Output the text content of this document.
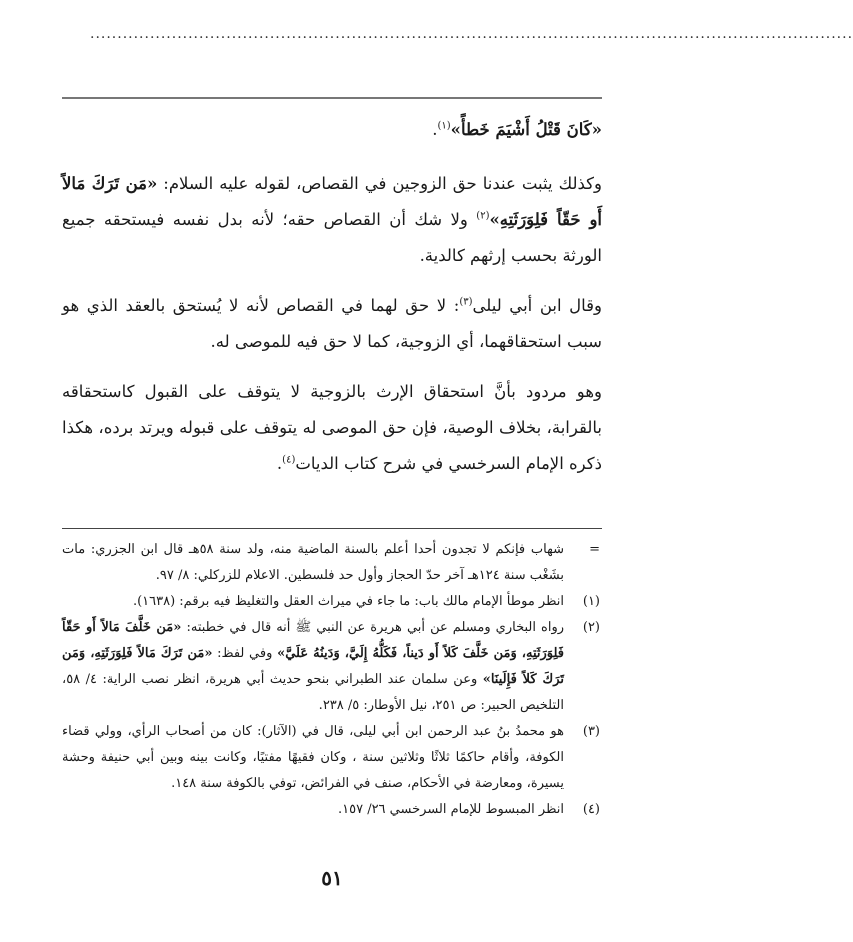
............................................................................................................................................

«كَانَ قَتْلُ أَشْيَمَ خَطأً»$^{(١)}$.

وكذلك يثبت عندنا حق الزوجين في القصاص، لقوله عليه السلام: «مَن تَرَكَ مَالاً أَو حَقّاً فَلِوَرَثَتِهِ»$^{(٢)}$ ولا شك أن القصاص حقه؛ لأنه بدل نفسه فيستحقه جميع الورثة بحسب إرثهم كالدية.

وقال ابن أبي ليلى$^{(٣)}$: لا حق لهما في القصاص لأنه لا يُستحق بالعقد الذي هو سبب استحقاقهما، أي الزوجية، كما لا حق فيه للموصى له.

وهو مردود بأنَّ استحقاق الإرث بالزوجية لا يتوقف على القبول كاستحقاقه بالقرابة، بخلاف الوصية، فإن حق الموصى له يتوقف على قبوله ويرتد برده، هكذا ذكره الإمام السرخسي في شرح كتاب الديات$^{(٤)}$.

=
شهاب فإنكم لا تجدون أحدا أعلم بالسنة الماضية منه، ولد سنة ٥٨هـ قال ابن الجزري: مات بشَغْب سنة ١٢٤هـ آخر حدّ الحجاز وأول حد فلسطين. الاعلام للزركلي: ٨/ ٩٧.

(١)
انظر موطأ الإمام مالك باب: ما جاء في ميراث العقل والتغليظ فيه برقم: (١٦٣٨).

(٢)
رواه البخاري ومسلم عن أبي هريرة عن النبي ﷺ أنه قال في خطبته: «مَن خَلَّفَ مَالاً أَو حَقّاً فَلِوَرَثَتِهِ، وَمَن خَلَّفَ كَلاً أَو دَيناً، فَكَلُّهُ إِلَيَّ، وَدَينُهُ عَلَيَّ» وفي لفظ: «مَن تَرَكَ مَالاً فَلِوَرَثَتِهِ، وَمَن تَرَكَ كَلاً فَإِلَينَا» وعن سلمان عند الطبراني بنحو حديث أبي هريرة، انظر نصب الراية: ٤/ ٥٨، التلخيص الحبير: ص ٢٥١، نيل الأوطار: ٥/ ٢٣٨.

(٣)
هو محمدُ بنُ عبد الرحمن ابن أبي ليلى، قال في (الآثار): كان من أصحاب الرأي، وولي قضاء الكوفة، وأقام حاكمًا ثلاثًا وثلاثين سنة ، وكان فقيهًا مفتيًا، وكانت بينه وبين أبي حنيفة وحشة يسيرة، ومعارضة في الأحكام، صنف في الفرائض، توفي بالكوفة سنة ١٤٨.

(٤)
انظر المبسوط للإمام السرخسي ٢٦/ ١٥٧.

٥١
